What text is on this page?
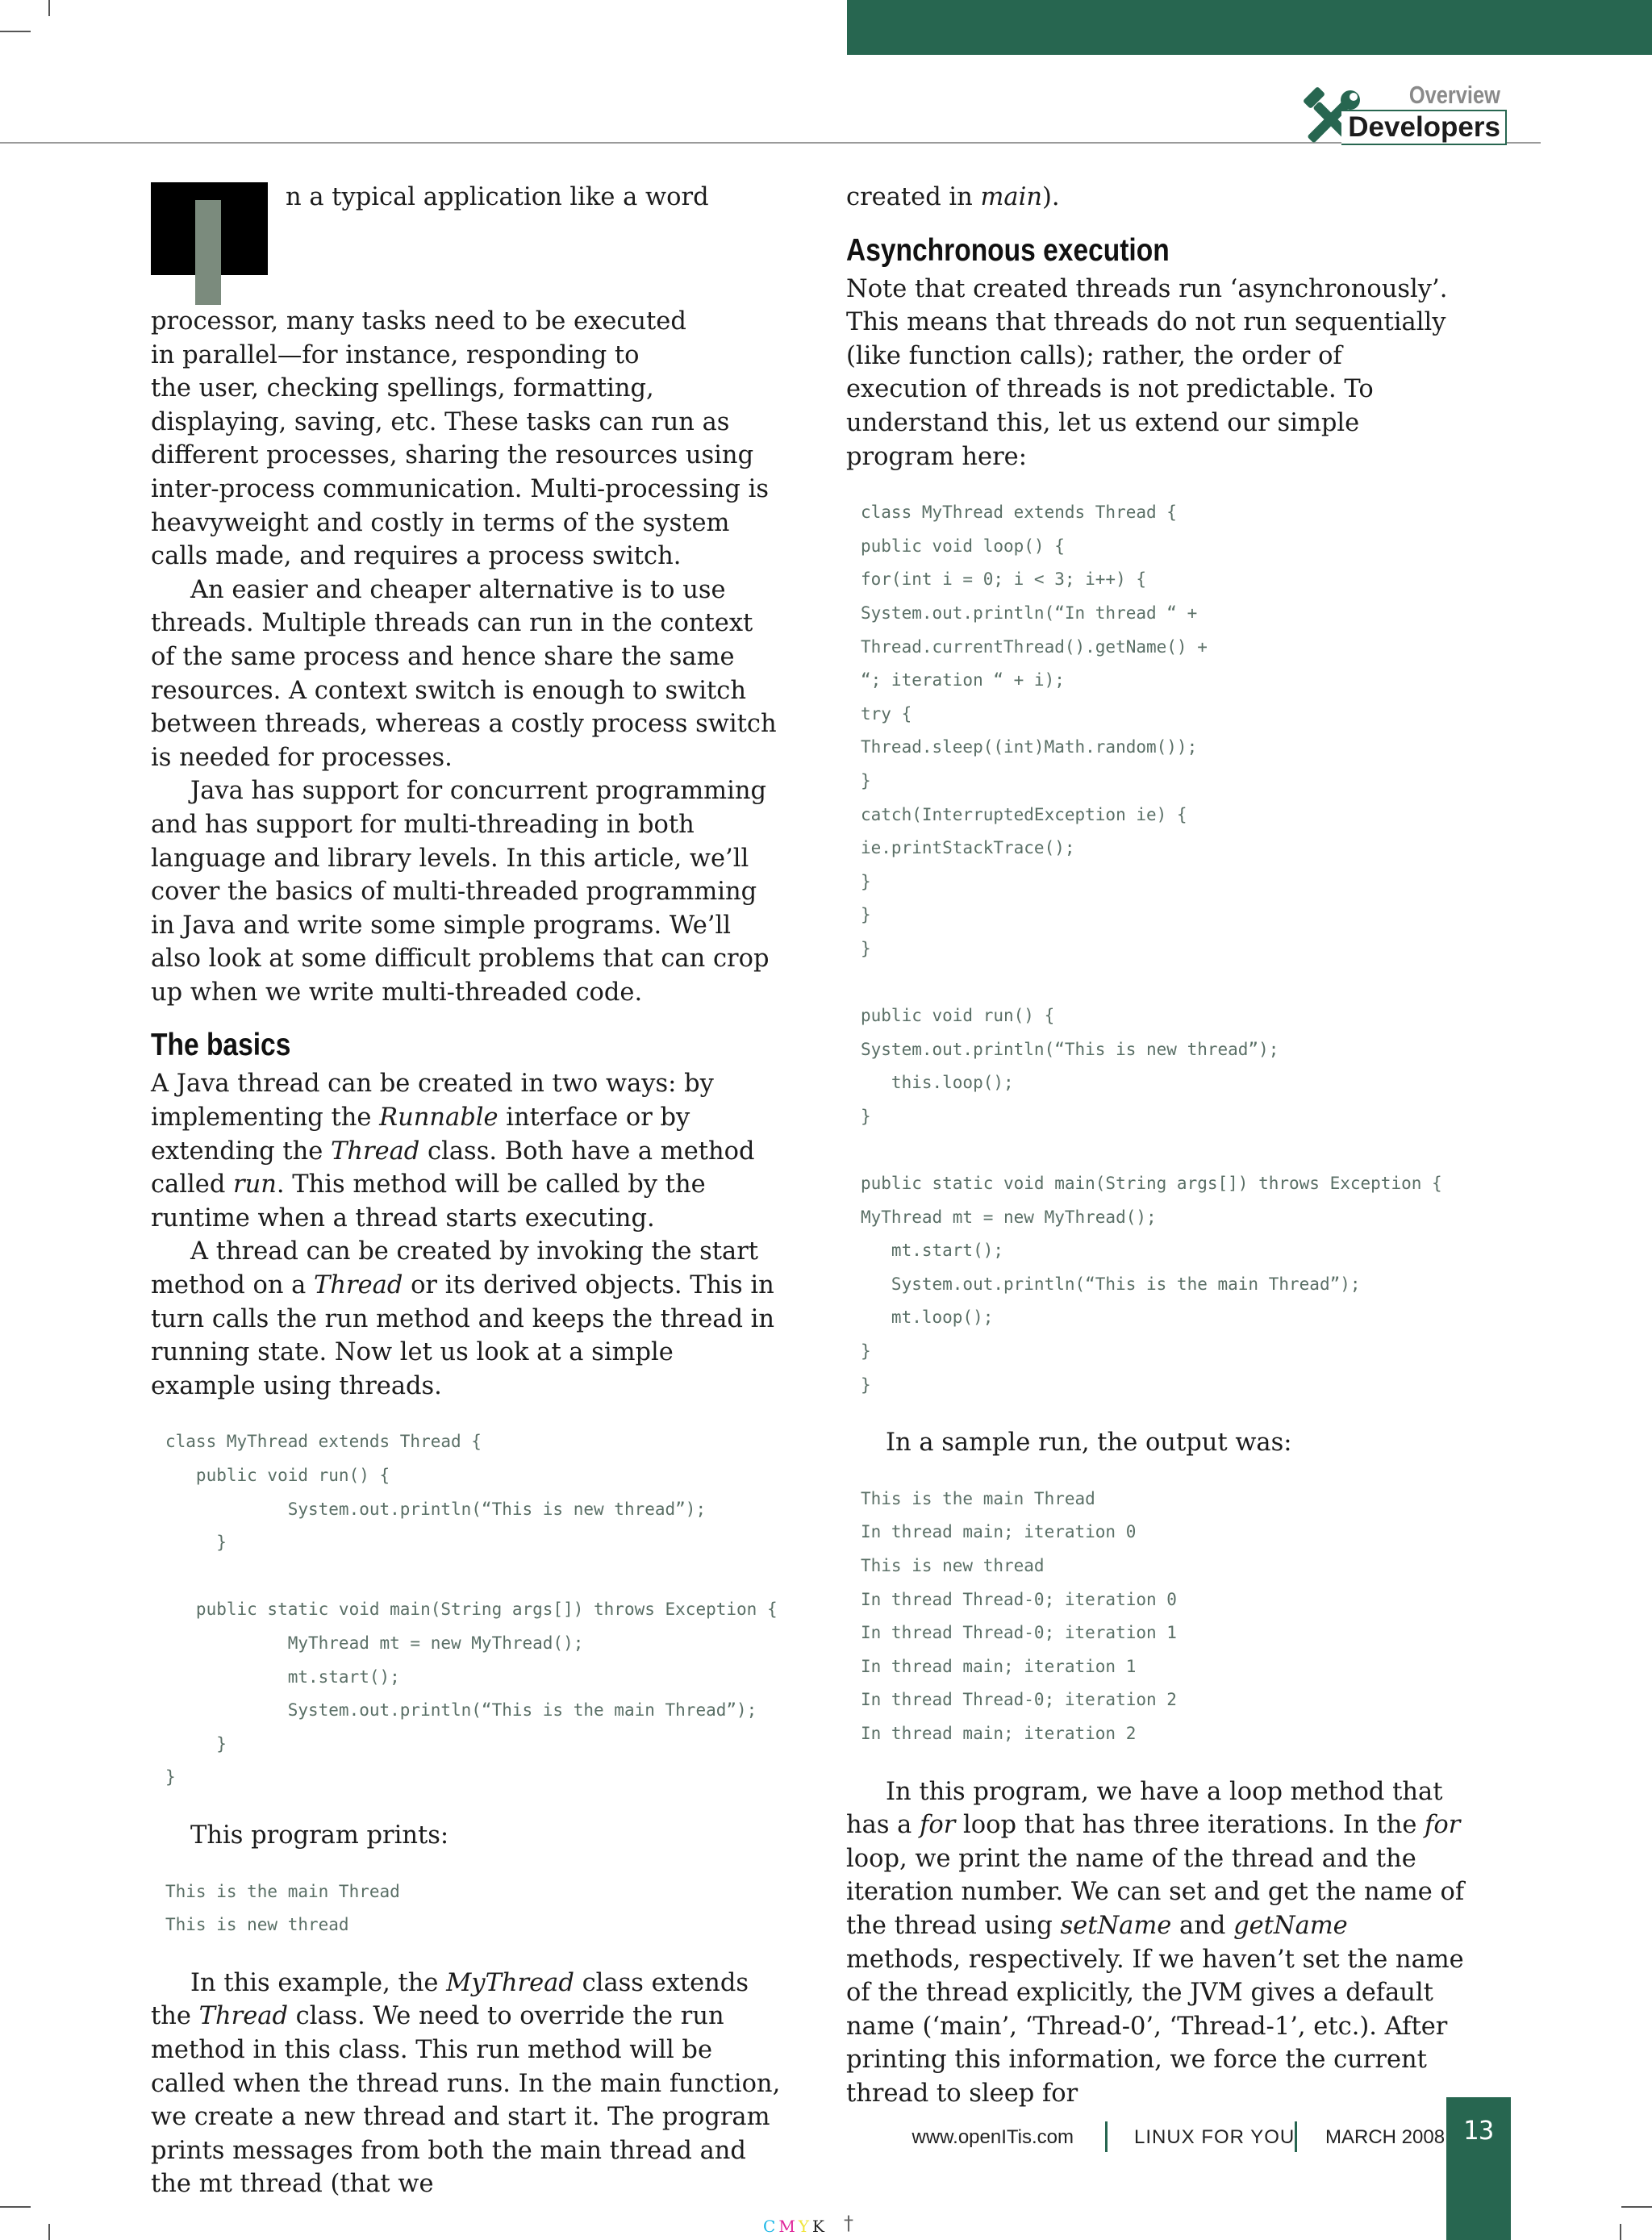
Overview
Developers

n a typical application like a word
processor, many tasks need to be executed
in parallel—for instance, responding to
the user, checking spellings, formatting,
displaying, saving, etc. These tasks can run as different processes, sharing the resources using inter-process communication. Multi-processing is heavyweight and costly in terms of the system calls made, and requires a process switch.

An easier and cheaper alternative is to use threads. Multiple threads can run in the context of the same process and hence share the same resources. A context switch is enough to switch between threads, whereas a costly process switch is needed for processes.

Java has support for concurrent programming and has support for multi-threading in both language and library levels. In this article, we’ll cover the basics of multi-threaded programming in Java and write some simple programs. We’ll also look at some difficult problems that can crop up when we write multi-threaded code.

The basics

A Java thread can be created in two ways: by implementing the Runnable interface or by extending the Thread class. Both have a method called run. This method will be called by the runtime when a thread starts executing.

A thread can be created by invoking the start method on a Thread or its derived objects. This in turn calls the run method and keeps the thread in running state. Now let us look at a simple example using threads.

class MyThread extends Thread {
public void run() {
System.out.println(“This is new thread”);
}

public static void main(String args[]) throws Exception {
MyThread mt = new MyThread();
mt.start();
System.out.println(“This is the main Thread”);
}
}

This program prints:

This is the main Thread
This is new thread

In this example, the MyThread class extends the Thread class. We need to override the run method in this class. This run method will be called when the thread runs. In the main function, we create a new thread and start it. The program prints messages from both the main thread and the mt thread (that we

created in main).

Asynchronous execution

Note that created threads run ‘asynchronously’. This means that threads do not run sequentially (like function calls); rather, the order of execution of threads is not predictable. To understand this, let us extend our simple program here:

class MyThread extends Thread {
public void loop() {
for(int i = 0; i < 3; i++) {
System.out.println(“In thread “ +
Thread.currentThread().getName() +
“; iteration “ + i);
try {
Thread.sleep((int)Math.random());
}
catch(InterruptedException ie) {
ie.printStackTrace();
}
}
}

public void run() {
System.out.println(“This is new thread”);
this.loop();
}

public static void main(String args[]) throws Exception {
MyThread mt = new MyThread();
mt.start();
System.out.println(“This is the main Thread”);
mt.loop();
}
}

In a sample run, the output was:

This is the main Thread
In thread main; iteration 0
This is new thread
In thread Thread-0; iteration 0
In thread Thread-0; iteration 1
In thread main; iteration 1
In thread Thread-0; iteration 2
In thread main; iteration 2

In this program, we have a loop method that has a for loop that has three iterations. In the for loop, we print the name of the thread and the iteration number. We can set and get the name of the thread using setName and getName methods, respectively. If we haven’t set the name of the thread explicitly, the JVM gives a default name (‘main’, ‘Thread-0’, ‘Thread-1’, etc.). After printing this information, we force the current thread to sleep for

www.openITis.com	LINUX FOR YOU MARCH 2008 13
CMYK †
